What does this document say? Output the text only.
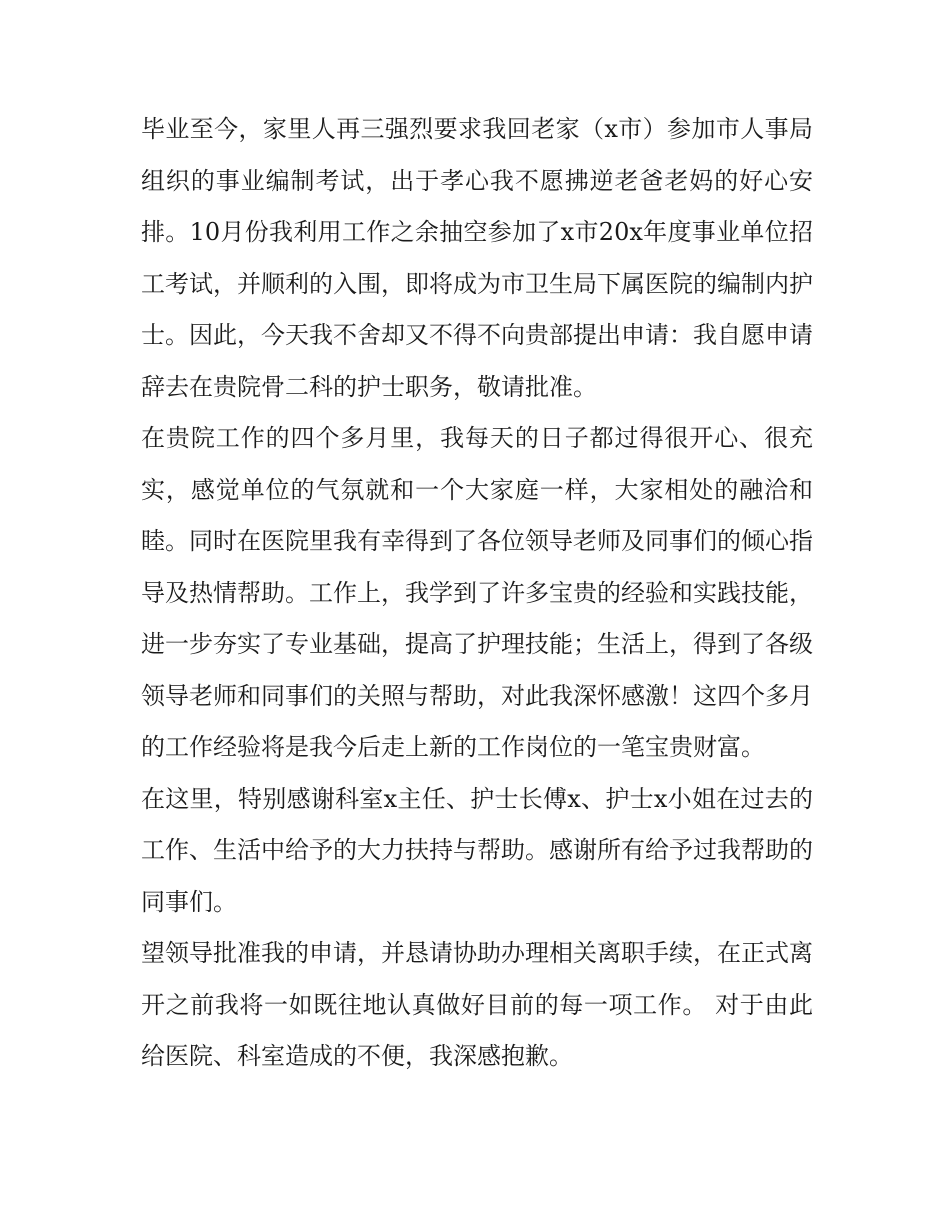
毕业至今，家里人再三强烈要求我回老家（x市）参加市人事局组织的事业编制考试，出于孝心我不愿拂逆老爸老妈的好心安排。10月份我利用工作之余抽空参加了x市20x年度事业单位招工考试，并顺利的入围，即将成为市卫生局下属医院的编制内护士。因此，今天我不舍却又不得不向贵部提出申请：我自愿申请辞去在贵院骨二科的护士职务，敬请批准。

在贵院工作的四个多月里，我每天的日子都过得很开心、很充实，感觉单位的气氛就和一个大家庭一样，大家相处的融洽和睦。同时在医院里我有幸得到了各位领导老师及同事们的倾心指导及热情帮助。工作上，我学到了许多宝贵的经验和实践技能，进一步夯实了专业基础，提高了护理技能；生活上，得到了各级领导老师和同事们的关照与帮助，对此我深怀感激！这四个多月的工作经验将是我今后走上新的工作岗位的一笔宝贵财富。

在这里，特别感谢科室x主任、护士长傅x、护士x小姐在过去的工作、生活中给予的大力扶持与帮助。感谢所有给予过我帮助的同事们。

望领导批准我的申请，并恳请协助办理相关离职手续，在正式离开之前我将一如既往地认真做好目前的每一项工作。 对于由此给医院、科室造成的不便，我深感抱歉。
